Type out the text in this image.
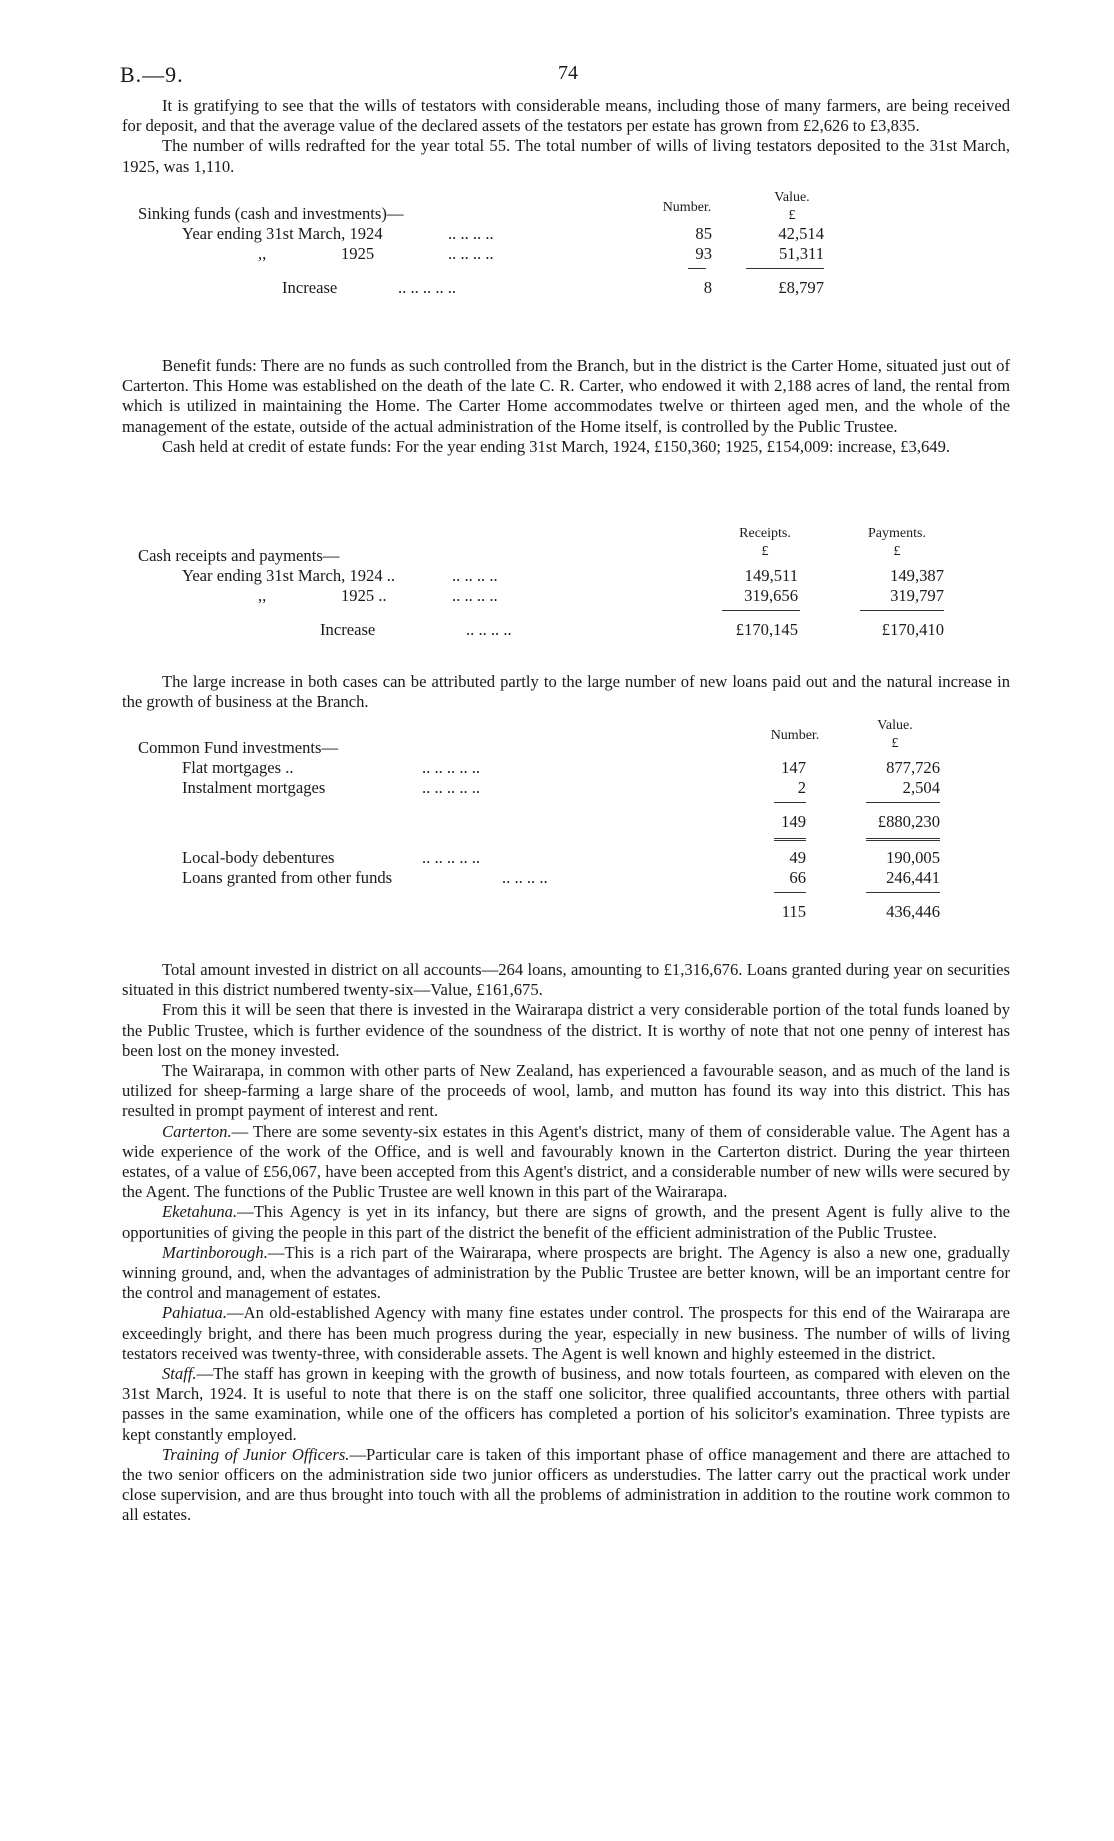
B.—9.	74

It is gratifying to see that the wills of testators with considerable means, including those of many farmers, are being received for deposit, and that the average value of the declared assets of the testators per estate has grown from £2,626 to £3,835.

The number of wills redrafted for the year total 55. The total number of wills of living testators deposited to the 31st March, 1925, was 1,110.

Number.
Value.
£
Sinking funds (cash and investments)—
Year ending 31st March, 1924	.. .. .. ..	85	42,514
,,                  1925	.. .. .. ..	93	51,311
Increase	.. .. .. .. ..	8	£8,797

Benefit funds: There are no funds as such controlled from the Branch, but in the district is the Carter Home, situated just out of Carterton. This Home was established on the death of the late C. R. Carter, who endowed it with 2,188 acres of land, the rental from which is utilized in maintaining the Home. The Carter Home accommodates twelve or thirteen aged men, and the whole of the management of the estate, outside of the actual administration of the Home itself, is controlled by the Public Trustee.

Cash held at credit of estate funds: For the year ending 31st March, 1924, £150,360; 1925, £154,009: increase, £3,649.

Receipts.
£
Payments.
£
Cash receipts and payments—
Year ending 31st March, 1924 ..	.. .. .. ..	149,511	149,387
,,                  1925 ..	.. .. .. ..	319,656	319,797
Increase	.. .. .. ..	£170,145	£170,410

The large increase in both cases can be attributed partly to the large number of new loans paid out and the natural increase in the growth of business at the Branch.

Number.
Value.
£
Common Fund investments—
Flat mortgages ..	.. .. .. .. ..	147	877,726
Instalment mortgages	.. .. .. .. ..	2	2,504
149	£880,230
Local-body debentures	.. .. .. .. ..	49	190,005
Loans granted from other funds	.. .. .. ..	66	246,441
115	436,446

Total amount invested in district on all accounts—264 loans, amounting to £1,316,676. Loans granted during year on securities situated in this district numbered twenty-six—Value, £161,675.

From this it will be seen that there is invested in the Wairarapa district a very considerable portion of the total funds loaned by the Public Trustee, which is further evidence of the soundness of the district. It is worthy of note that not one penny of interest has been lost on the money invested.

The Wairarapa, in common with other parts of New Zealand, has experienced a favourable season, and as much of the land is utilized for sheep-farming a large share of the proceeds of wool, lamb, and mutton has found its way into this district. This has resulted in prompt payment of interest and rent.

Carterton.— There are some seventy-six estates in this Agent's district, many of them of considerable value. The Agent has a wide experience of the work of the Office, and is well and favourably known in the Carterton district. During the year thirteen estates, of a value of £56,067, have been accepted from this Agent's district, and a considerable number of new wills were secured by the Agent. The functions of the Public Trustee are well known in this part of the Wairarapa.

Eketahuna.—This Agency is yet in its infancy, but there are signs of growth, and the present Agent is fully alive to the opportunities of giving the people in this part of the district the benefit of the efficient administration of the Public Trustee.

Martinborough.—This is a rich part of the Wairarapa, where prospects are bright. The Agency is also a new one, gradually winning ground, and, when the advantages of administration by the Public Trustee are better known, will be an important centre for the control and management of estates.

Pahiatua.—An old-established Agency with many fine estates under control. The prospects for this end of the Wairarapa are exceedingly bright, and there has been much progress during the year, especially in new business. The number of wills of living testators received was twenty-three, with considerable assets. The Agent is well known and highly esteemed in the district.

Staff.—The staff has grown in keeping with the growth of business, and now totals fourteen, as compared with eleven on the 31st March, 1924. It is useful to note that there is on the staff one solicitor, three qualified accountants, three others with partial passes in the same examination, while one of the officers has completed a portion of his solicitor's examination. Three typists are kept constantly employed.

Training of Junior Officers.—Particular care is taken of this important phase of office management and there are attached to the two senior officers on the administration side two junior officers as understudies. The latter carry out the practical work under close supervision, and are thus brought into touch with all the problems of administration in addition to the routine work common to all estates.
